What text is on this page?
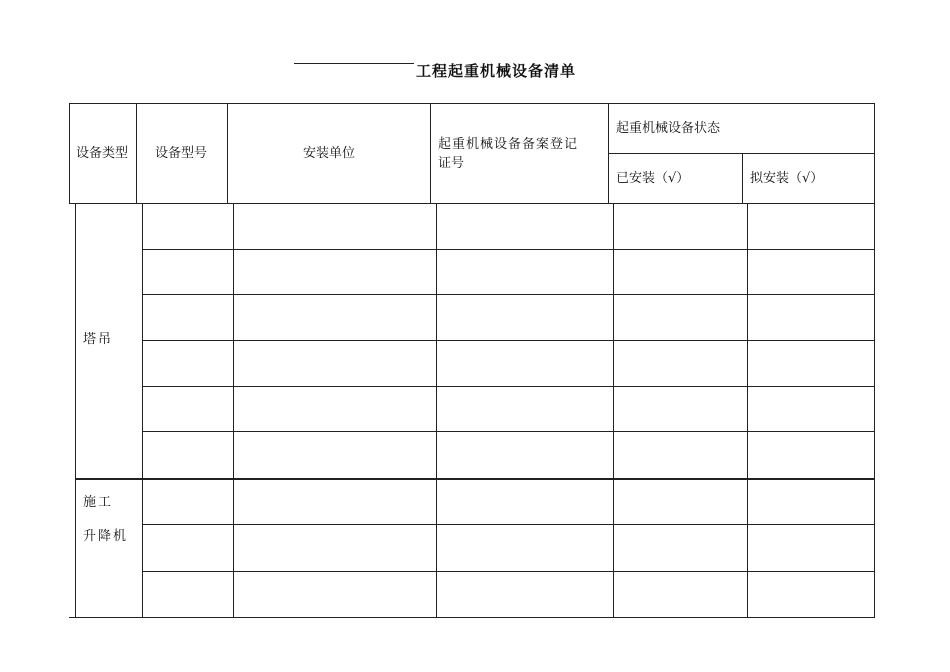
工程起重机械设备清单
设备类型 设备型号	安装单位
起重机械设备备案登记
证号
起重机械设备状态
已安装（√）	拟安装（√）
塔吊
施工
升降机
